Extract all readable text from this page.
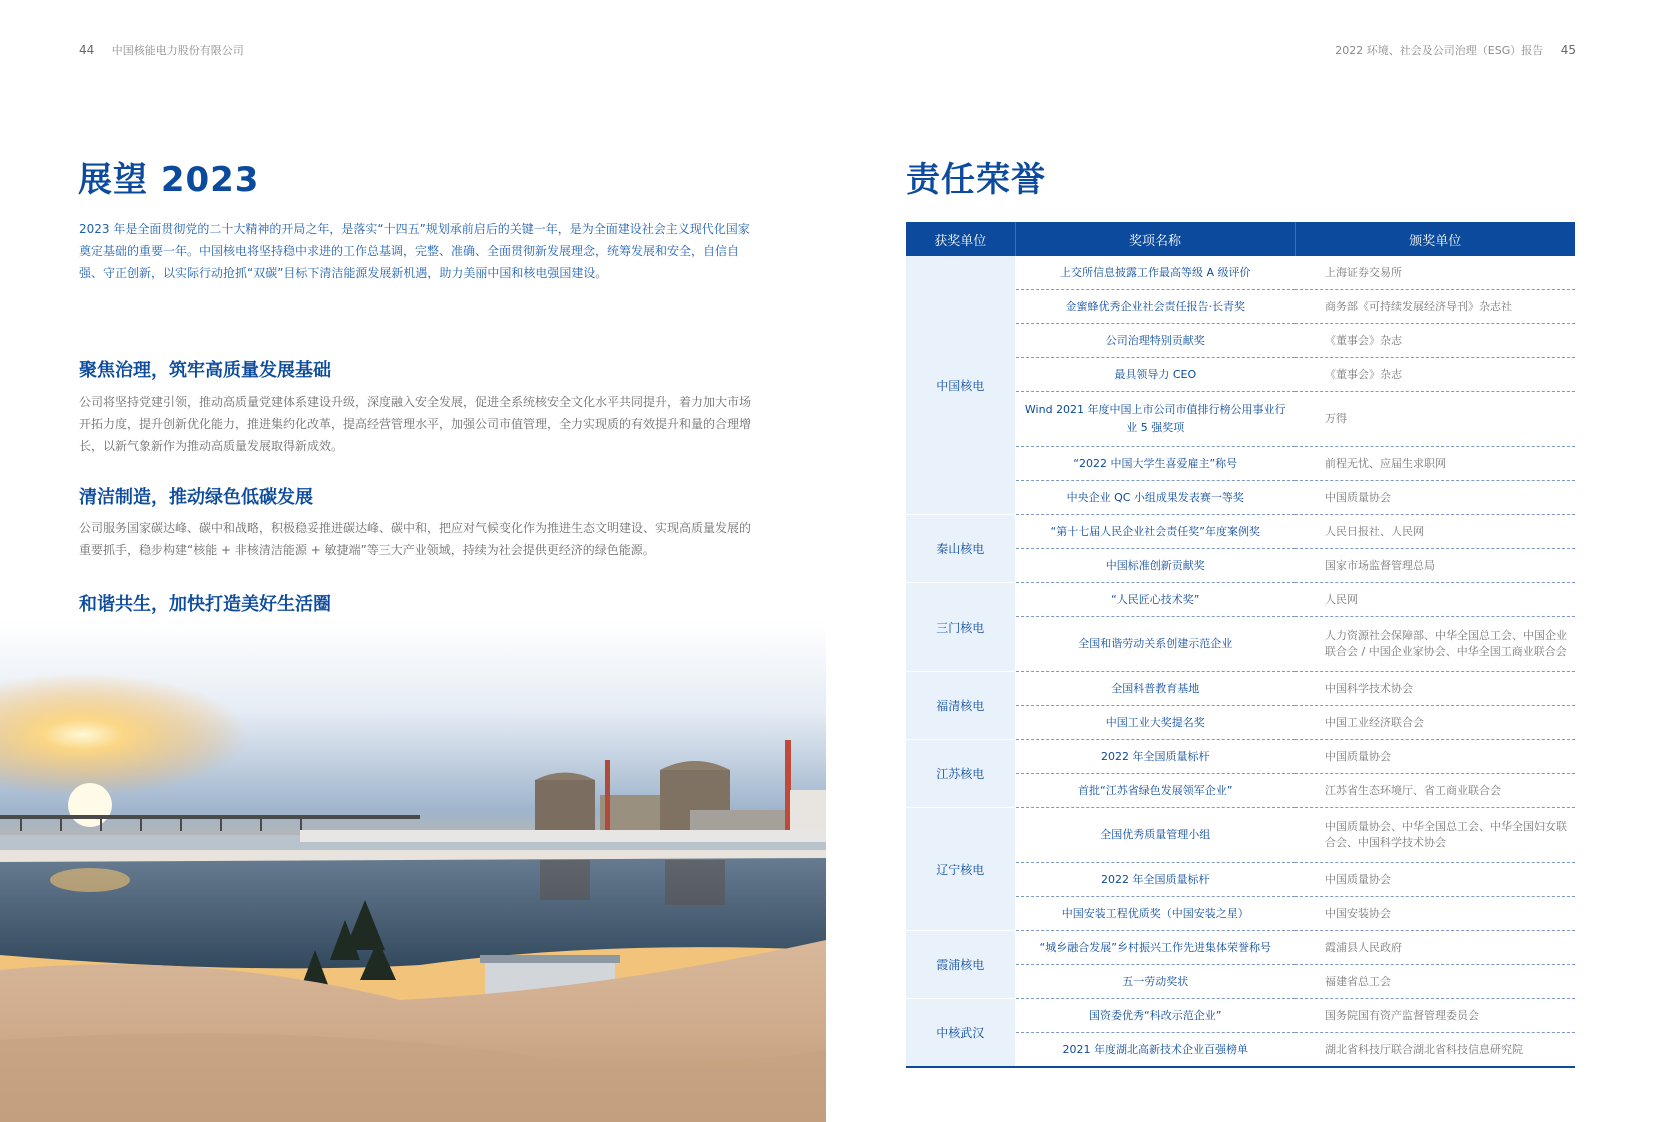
44 中国核能电力股份有限公司	2022 环境、社会及公司治理（ESG）报告 45
展望 2023
2023 年是全面贯彻党的二十大精神的开局之年，是落实“十四五”规划承前启后的关键一年，是为全面建设社会主义现代化国家奠定基础的重要一年。中国核电将坚持稳中求进的工作总基调，完整、准确、全面贯彻新发展理念，统筹发展和安全，自信自强、守正创新，以实际行动抢抓“双碳”目标下清洁能源发展新机遇，助力美丽中国和核电强国建设。
聚焦治理，筑牢高质量发展基础
公司将坚持党建引领，推动高质量党建体系建设升级，深度融入安全发展，促进全系统核安全文化水平共同提升，着力加大市场开拓力度，提升创新优化能力，推进集约化改革，提高经营管理水平，加强公司市值管理，全力实现质的有效提升和量的合理增长，以新气象新作为推动高质量发展取得新成效。
清洁制造，推动绿色低碳发展
公司服务国家碳达峰、碳中和战略，积极稳妥推进碳达峰、碳中和，把应对气候变化作为推进生态文明建设、实现高质量发展的重要抓手，稳步构建“核能 + 非核清洁能源 + 敏捷端”等三大产业领域，持续为社会提供更经济的绿色能源。
和谐共生，加快打造美好生活圈
责任荣誉
获奖单位	奖项名称	颁奖单位
中国核电	上交所信息披露工作最高等级 A 级评价	上海证券交易所
	金蜜蜂优秀企业社会责任报告·长青奖	商务部《可持续发展经济导刊》杂志社
	公司治理特别贡献奖	《董事会》杂志
	最具领导力 CEO	《董事会》杂志
	Wind 2021 年度中国上市公司市值排行榜公用事业行业 5 强奖项	万得
	“2022 中国大学生喜爱雇主”称号	前程无忧、应届生求职网
	中央企业 QC 小组成果发表赛一等奖	中国质量协会
秦山核电	“第十七届人民企业社会责任奖”年度案例奖	人民日报社、人民网
	中国标准创新贡献奖	国家市场监督管理总局
三门核电	“人民匠心技术奖”	人民网
	全国和谐劳动关系创建示范企业	人力资源社会保障部、中华全国总工会、中国企业联合会 / 中国企业家协会、中华全国工商业联合会
福清核电	全国科普教育基地	中国科学技术协会
	中国工业大奖提名奖	中国工业经济联合会
江苏核电	2022 年全国质量标杆	中国质量协会
	首批“江苏省绿色发展领军企业”	江苏省生态环境厅、省工商业联合会
辽宁核电	全国优秀质量管理小组	中国质量协会、中华全国总工会、中华全国妇女联合会、中国科学技术协会
	2022 年全国质量标杆	中国质量协会
	中国安装工程优质奖（中国安装之星）	中国安装协会
霞浦核电	“城乡融合发展”乡村振兴工作先进集体荣誉称号	霞浦县人民政府
	五一劳动奖状	福建省总工会
中核武汉	国资委优秀“科改示范企业”	国务院国有资产监督管理委员会
	2021 年度湖北高新技术企业百强榜单	湖北省科技厅联合湖北省科技信息研究院
